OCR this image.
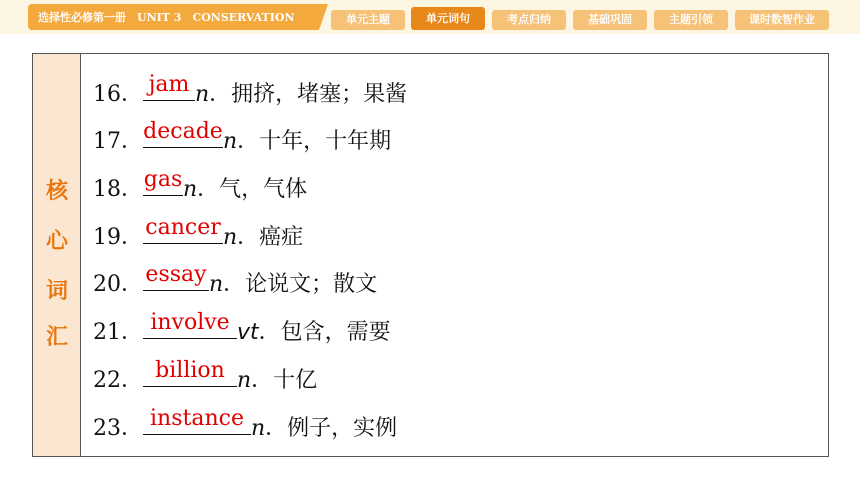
选择性必修第一册　UNIT 3　CONSERVATION	单元主题	单元词句	考点归纳	基础巩固	主题引领	课时数智作业
核
心
词
汇
16． jam n．拥挤，堵塞；果酱
17． decade n．十年，十年期
18． gas n．气，气体
19． cancer n．癌症
20． essay n．论说文；散文
21． involve vt．包含，需要
22． billion n．十亿
23． instance n．例子，实例
